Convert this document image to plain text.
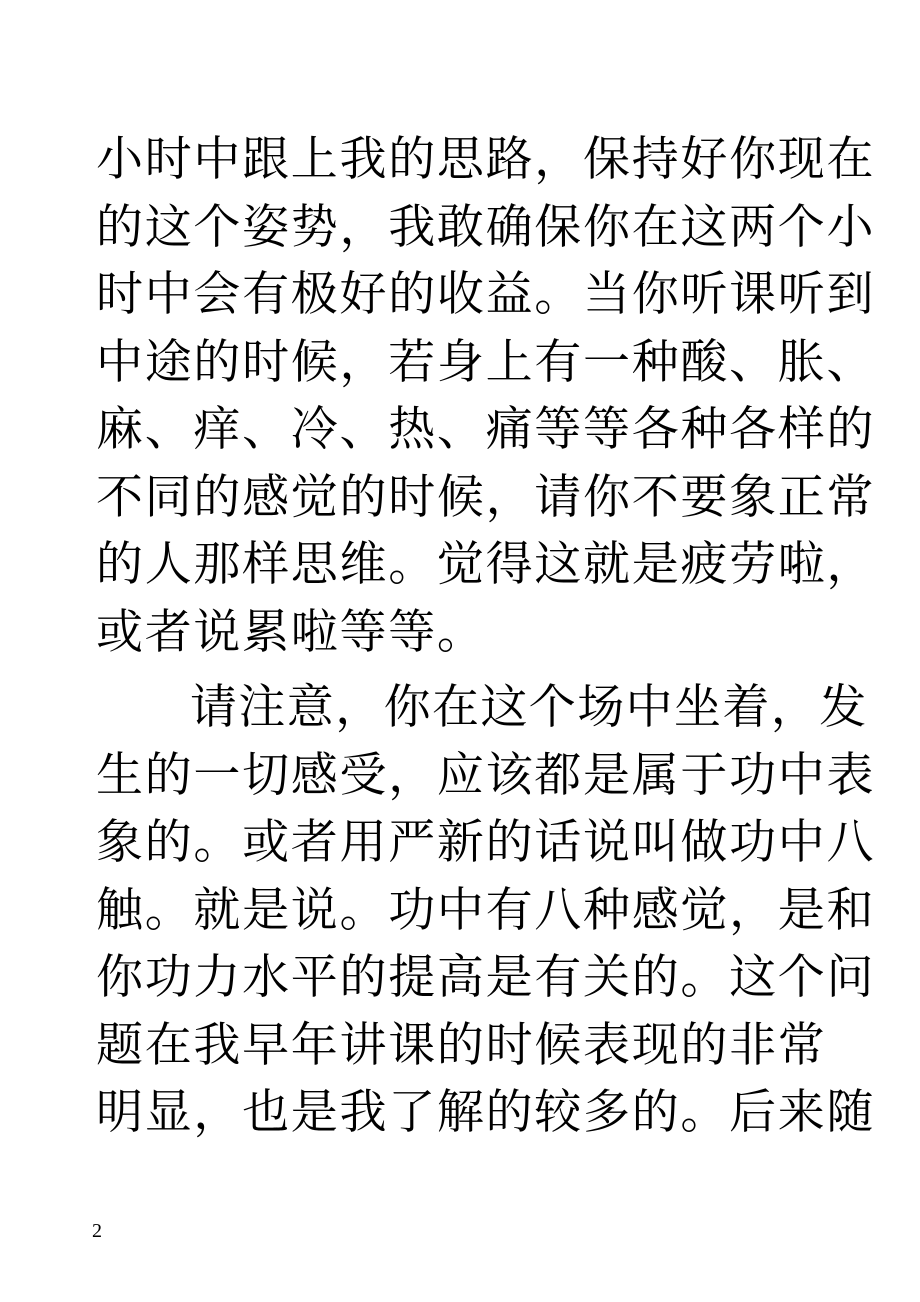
小时中跟上我的思路，保持好你现在
的这个姿势，我敢确保你在这两个小
时中会有极好的收益。当你听课听到
中途的时候，若身上有一种酸、胀、
麻、痒、冷、热、痛等等各种各样的
不同的感觉的时候，请你不要象正常
的人那样思维。觉得这就是疲劳啦，
或者说累啦等等。
请注意，你在这个场中坐着，发
生的一切感受，应该都是属于功中表
象的。或者用严新的话说叫做功中八
触。就是说。功中有八种感觉，是和
你功力水平的提高是有关的。这个问
题在我早年讲课的时候表现的非常
明显，也是我了解的较多的。后来随
2
